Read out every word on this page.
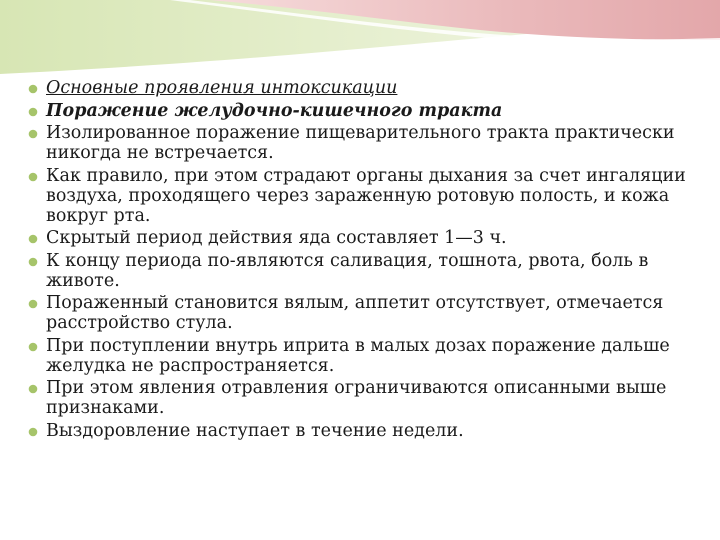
Основные проявления интоксикации
Поражение желудочно-кишечного тракта
Изолированное поражение пищеварительного тракта практически никогда не встречается.
Как правило, при этом страдают органы дыхания за счет ингаляции воздуха, проходящего через зараженную ротовую полость, и кожа вокруг рта.
Скрытый период действия яда составляет 1—3 ч.
К концу периода по-являются саливация, тошнота, рвота, боль в животе.
Пораженный становится вялым, аппетит отсутствует, отмечается расстройство стула.
При поступлении внутрь иприта в малых дозах поражение дальше желудка не распространяется.
При этом явления отравления ограничиваются описанными выше признаками.
Выздоровление наступает в течение недели.
